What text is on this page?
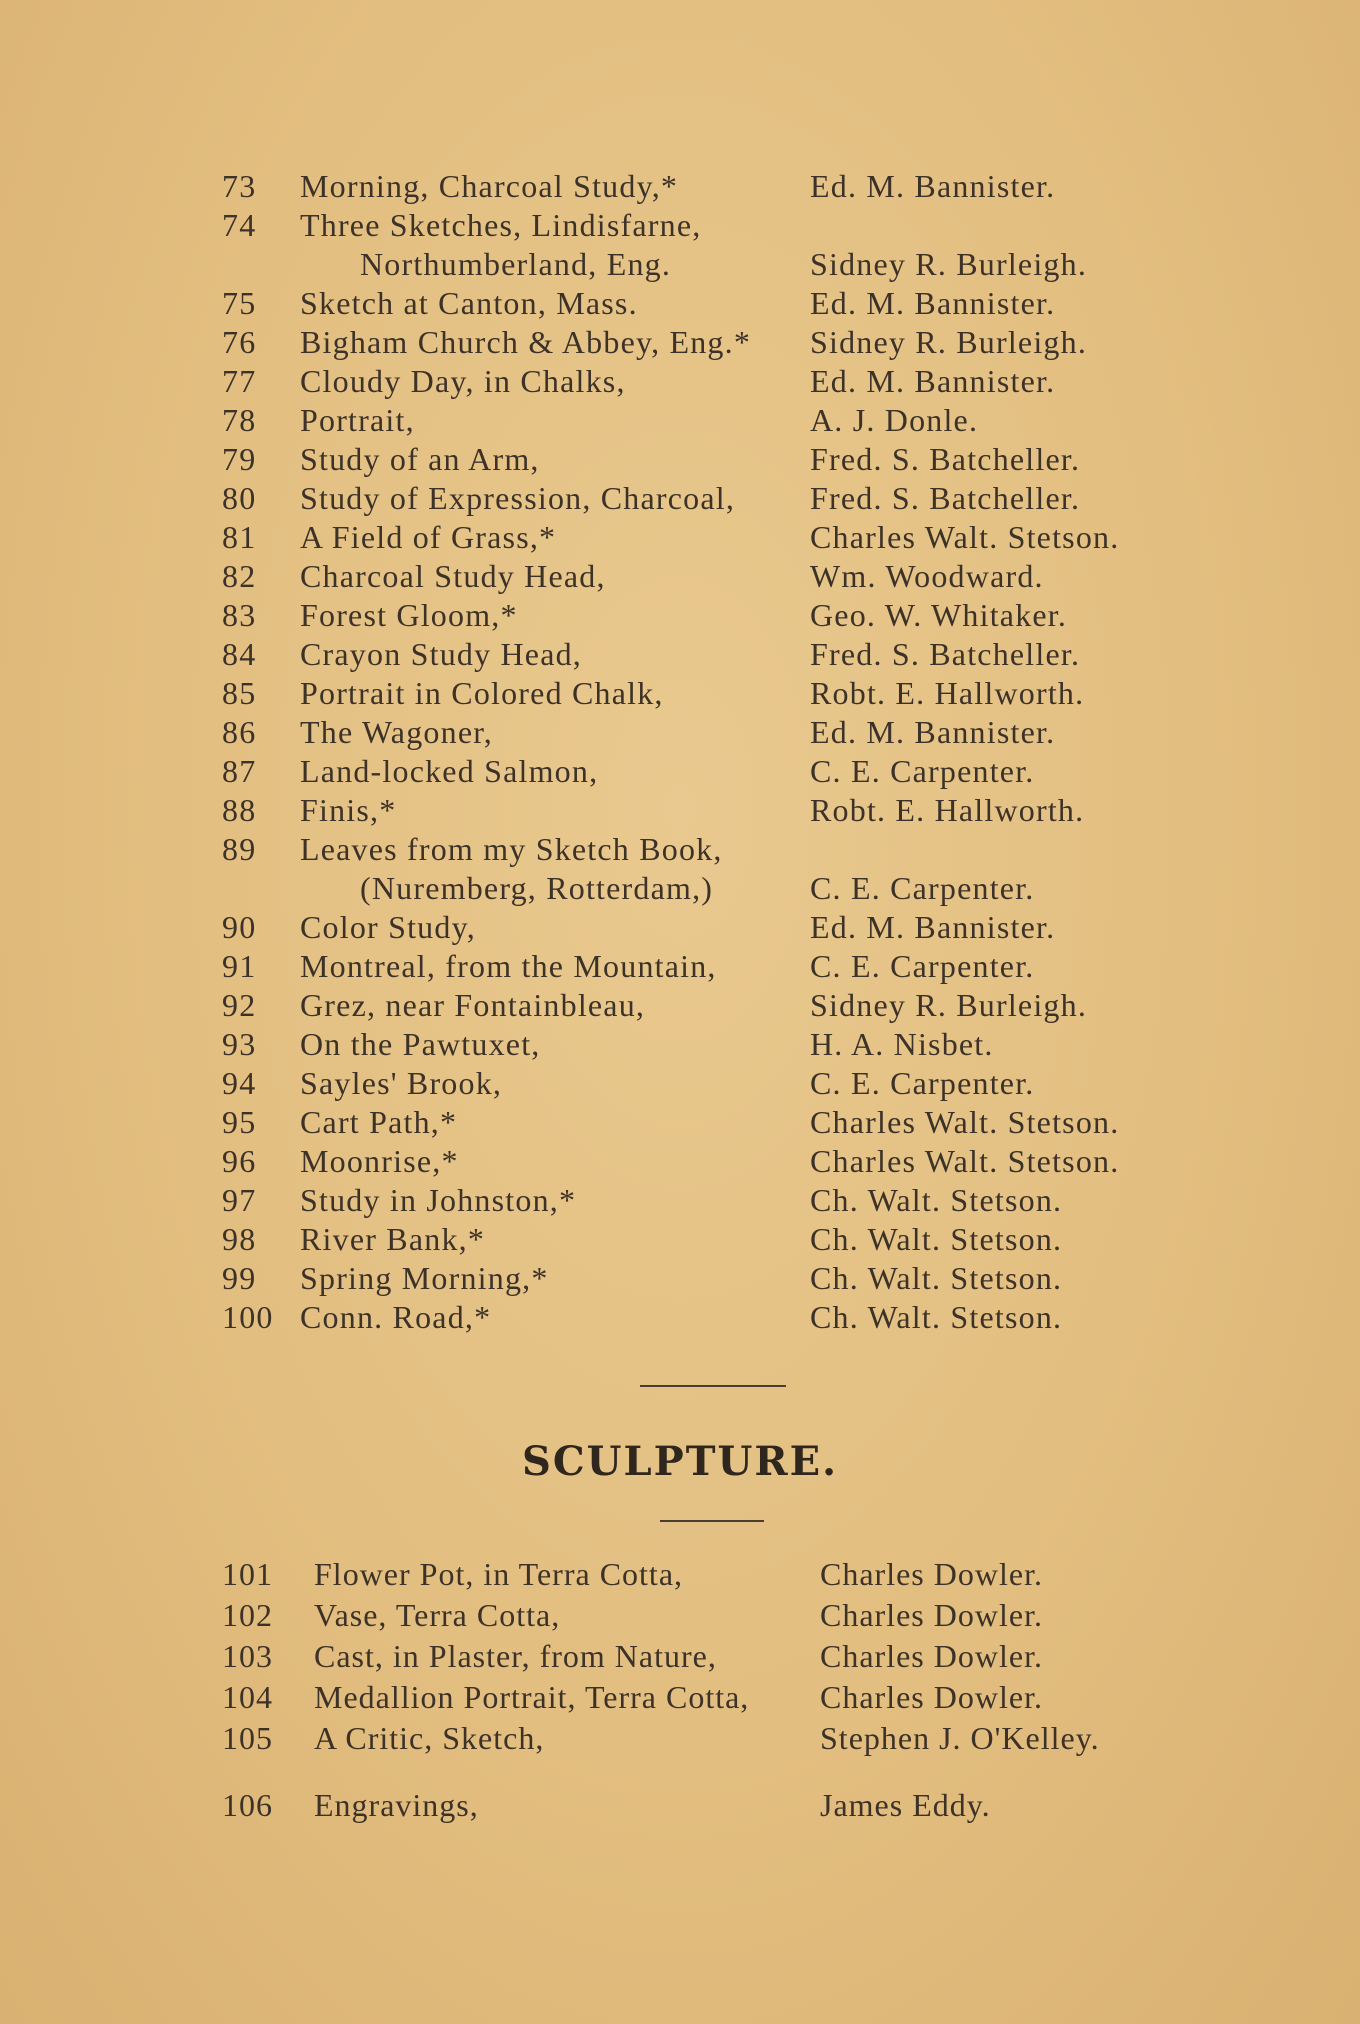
73 Morning, Charcoal Study,*	Ed. M. Bannister.
74 Three Sketches, Lindisfarne,
Northumberland, Eng.	Sidney R. Burleigh.
75 Sketch at Canton, Mass.	Ed. M. Bannister.
76 Bigham Church & Abbey, Eng.* Sidney R. Burleigh.
77 Cloudy Day, in Chalks,	Ed. M. Bannister.
78 Portrait,	A. J. Donle.
79 Study of an Arm,	Fred. S. Batcheller.
80 Study of Expression, Charcoal, Fred. S. Batcheller.
81 A Field of Grass,*	Charles Walt. Stetson.
82 Charcoal Study Head,	Wm. Woodward.
83 Forest Gloom,*	Geo. W. Whitaker.
84 Crayon Study Head,	Fred. S. Batcheller.
85 Portrait in Colored Chalk,	Robt. E. Hallworth.
86 The Wagoner,	Ed. M. Bannister.
87 Land-locked Salmon,	C. E. Carpenter.
88 Finis,*	Robt. E. Hallworth.
89 Leaves from my Sketch Book,
(Nuremberg, Rotterdam,)	C. E. Carpenter.
90 Color Study,	Ed. M. Bannister.
91 Montreal, from the Mountain,	C. E. Carpenter.
92 Grez, near Fontainbleau,	Sidney R. Burleigh.
93 On the Pawtuxet,	H. A. Nisbet.
94 Sayles' Brook,	C. E. Carpenter.
95 Cart Path,*	Charles Walt. Stetson.
96 Moonrise,*	Charles Walt. Stetson.
97 Study in Johnston,*	Ch. Walt. Stetson.
98 River Bank,*	Ch. Walt. Stetson.
99 Spring Morning,*	Ch. Walt. Stetson.
100 Conn. Road,*	Ch. Walt. Stetson.
SCULPTURE.
101 Flower Pot, in Terra Cotta,	Charles Dowler.
102 Vase, Terra Cotta,	Charles Dowler.
103 Cast, in Plaster, from Nature,	Charles Dowler.
104 Medallion Portrait, Terra Cotta, Charles Dowler.
105 A Critic, Sketch,	Stephen J. O'Kelley.
106 Engravings,	James Eddy.
